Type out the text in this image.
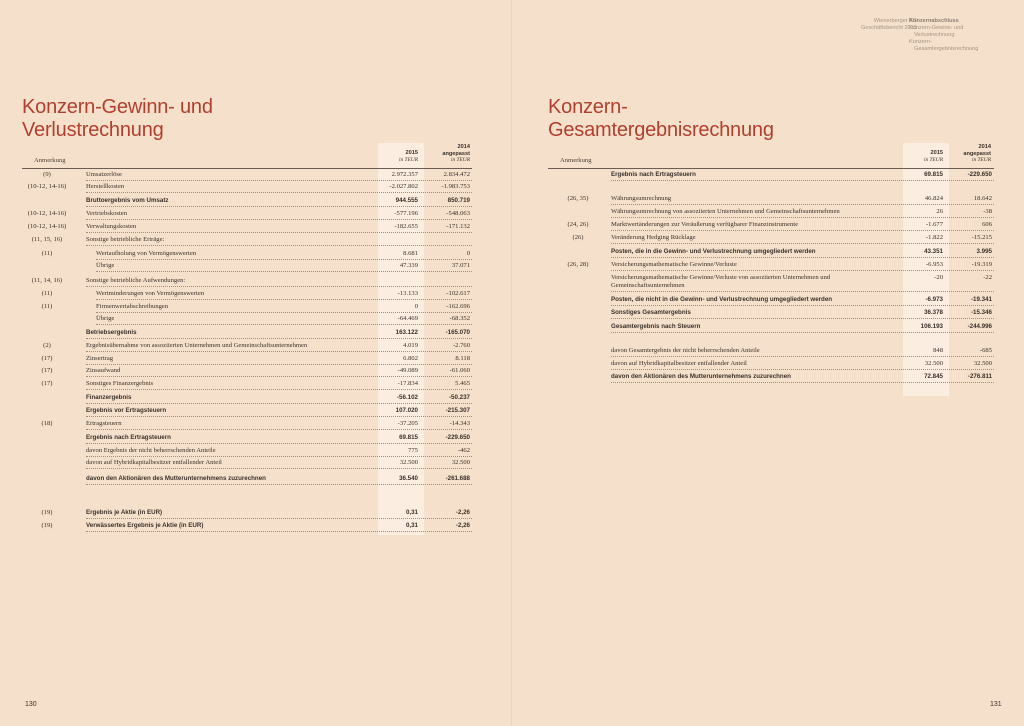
Konzern-Gewinn- und
Verlustrechnung
Anmerkung
2015
in TEUR
2014
angepasst
in TEUR
(9)	Umsatzerlöse	2.972.357	2.834.472
(10-12, 14-16)	Herstellkosten	-2.027.802	-1.983.753
Bruttoergebnis vom Umsatz	944.555	850.719
(10-12, 14-16)	Vertriebskosten	-577.196	-548.063
(10-12, 14-16)	Verwaltungskosten	-182.655	-171.132
(11, 15, 16)	Sonstige betriebliche Erträge:
(11)	Wertaufholung von Vermögenswerten	8.681	0
Übrige	47.339	37.071
(11, 14, 16)	Sonstige betriebliche Aufwendungen:
(11)	Wertminderungen von Vermögenswerten	-13.133	-102.617
(11)	Firmenwertabschreibungen	0	-162.696
Übrige	-64.469	-68.352
Betriebsergebnis	163.122	-165.070
(2)	Ergebnisübernahme von assoziierten Unternehmen und Gemeinschaftsunternehmen	4.019	-2.760
(17)	Zinsertrag	6.802	8.118
(17)	Zinsaufwand	-49.089	-61.060
(17)	Sonstiges Finanzergebnis	-17.834	5.465
Finanzergebnis	-56.102	-50.237
Ergebnis vor Ertragsteuern	107.020	-215.307
(18)	Ertragsteuern	-37.205	-14.343
Ergebnis nach Ertragsteuern	69.815	-229.650
davon Ergebnis der nicht beherrschenden Anteile	775	-462
davon auf Hybridkapitalbesitzer entfallender Anteil	32.500	32.500
davon den Aktionären des Mutterunternehmens zuzurechnen	36.540	-261.688
(19)	Ergebnis je Aktie (in EUR)	0,31	-2,26
(19)	Verwässertes Ergebnis je Aktie (in EUR)	0,31	-2,26
130
Wienerberger AG
Geschäftsbericht 2015
Konzernabschluss
Konzern-Gewinn- und
Verlustrechnung
Konzern-
Gesamtergebnisrechnung
Konzern-
Gesamtergebnisrechnung
Anmerkung
2015
in TEUR
2014
angepasst
in TEUR
Ergebnis nach Ertragsteuern	69.815	-229.650
(26, 35)	Währungsumrechnung	46.824	18.642
Währungsumrechnung von assoziierten Unternehmen und Gemeinschaftsunternehmen	26	-38
(24, 26)	Marktwertänderungen zur Veräußerung verfügbarer Finanzinstrumente	-1.677	606
(26)	Veränderung Hedging Rücklage	-1.822	-15.215
Posten, die in die Gewinn- und Verlustrechnung umgegliedert werden	43.351	3.995
(26, 28)	Versicherungsmathematische Gewinne/Verluste	-6.953	-19.319
Versicherungsmathematische Gewinne/Verluste von assoziierten Unternehmen und Gemeinschaftsunternehmen
-20	-22
Posten, die nicht in die Gewinn- und Verlustrechnung umgegliedert werden	-6.973	-19.341
Sonstiges Gesamtergebnis	36.378	-15.346
Gesamtergebnis nach Steuern	106.193	-244.996
davon Gesamtergebnis der nicht beherrschenden Anteile	848	-685
davon auf Hybridkapitalbesitzer entfallender Anteil	32.500	32.500
davon den Aktionären des Mutterunternehmens zuzurechnen	72.845	-276.811
131
